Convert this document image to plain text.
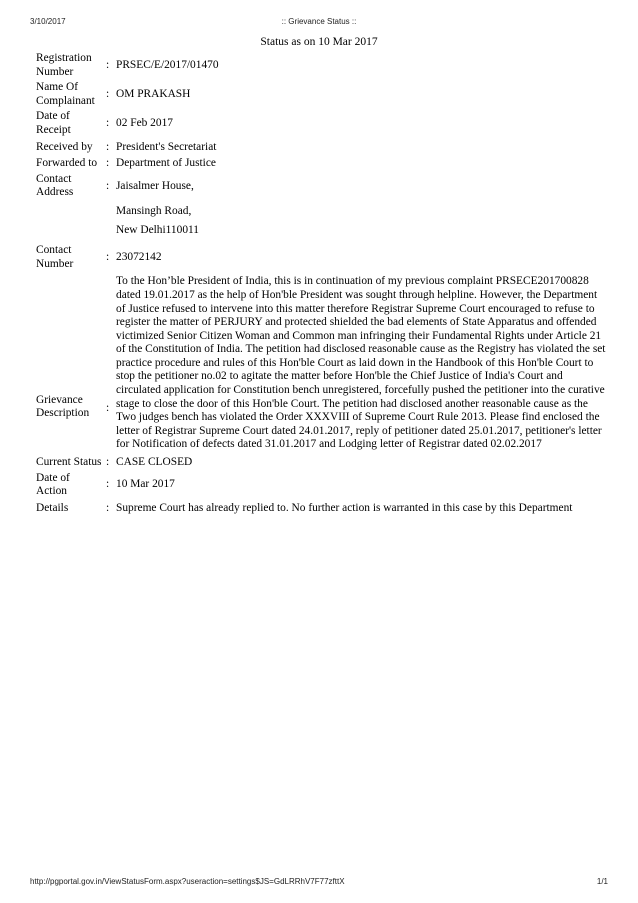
3/10/2017	:: Grievance Status ::
Status as on 10 Mar 2017
Registration Number	:	PRSEC/E/2017/01470
Name Of Complainant	:	OM PRAKASH
Date of Receipt	:	02 Feb 2017
Received by	:	President's Secretariat
Forwarded to	:	Department of Justice
Contact Address	:	Jaisalmer House,

		Mansingh Road,
New Delhi110011

Contact Number	:	23072142
Grievance Description	:	To the Hon’ble President of India, this is in continuation of my previous complaint PRSECE201700828 dated 19.01.2017 as the help of Hon'ble President was sought through helpline. However, the Department of Justice refused to intervene into this matter therefore Registrar Supreme Court encouraged to refuse to register the matter of PERJURY and protected shielded the bad elements of State Apparatus and offended victimized Senior Citizen Woman and Common man infringing their Fundamental Rights under Article 21 of the Constitution of India. The petition had disclosed reasonable cause as the Registry has violated the set practice procedure and rules of this Hon'ble Court as laid down in the Handbook of this Hon'ble Court to stop the petitioner no.02 to agitate the matter before Hon'ble the Chief Justice of India's Court and circulated application for Constitution bench unregistered, forcefully pushed the petitioner into the curative stage to close the door of this Hon'ble Court. The petition had disclosed another reasonable cause as the Two judges bench has violated the Order XXXVIII of Supreme Court Rule 2013. Please find enclosed the letter of Registrar Supreme Court dated 24.01.2017, reply of petitioner dated 25.01.2017, petitioner's letter for Notification of defects dated 31.01.2017 and Lodging letter of Registrar dated 02.02.2017
Current Status	:	CASE CLOSED
Date of Action	:	10 Mar 2017
Details	:	Supreme Court has already replied to. No further action is warranted in this case by this Department
http://pgportal.gov.in/ViewStatusForm.aspx?useraction=settings$JS=GdLRRhV7F77zfttX	1/1
